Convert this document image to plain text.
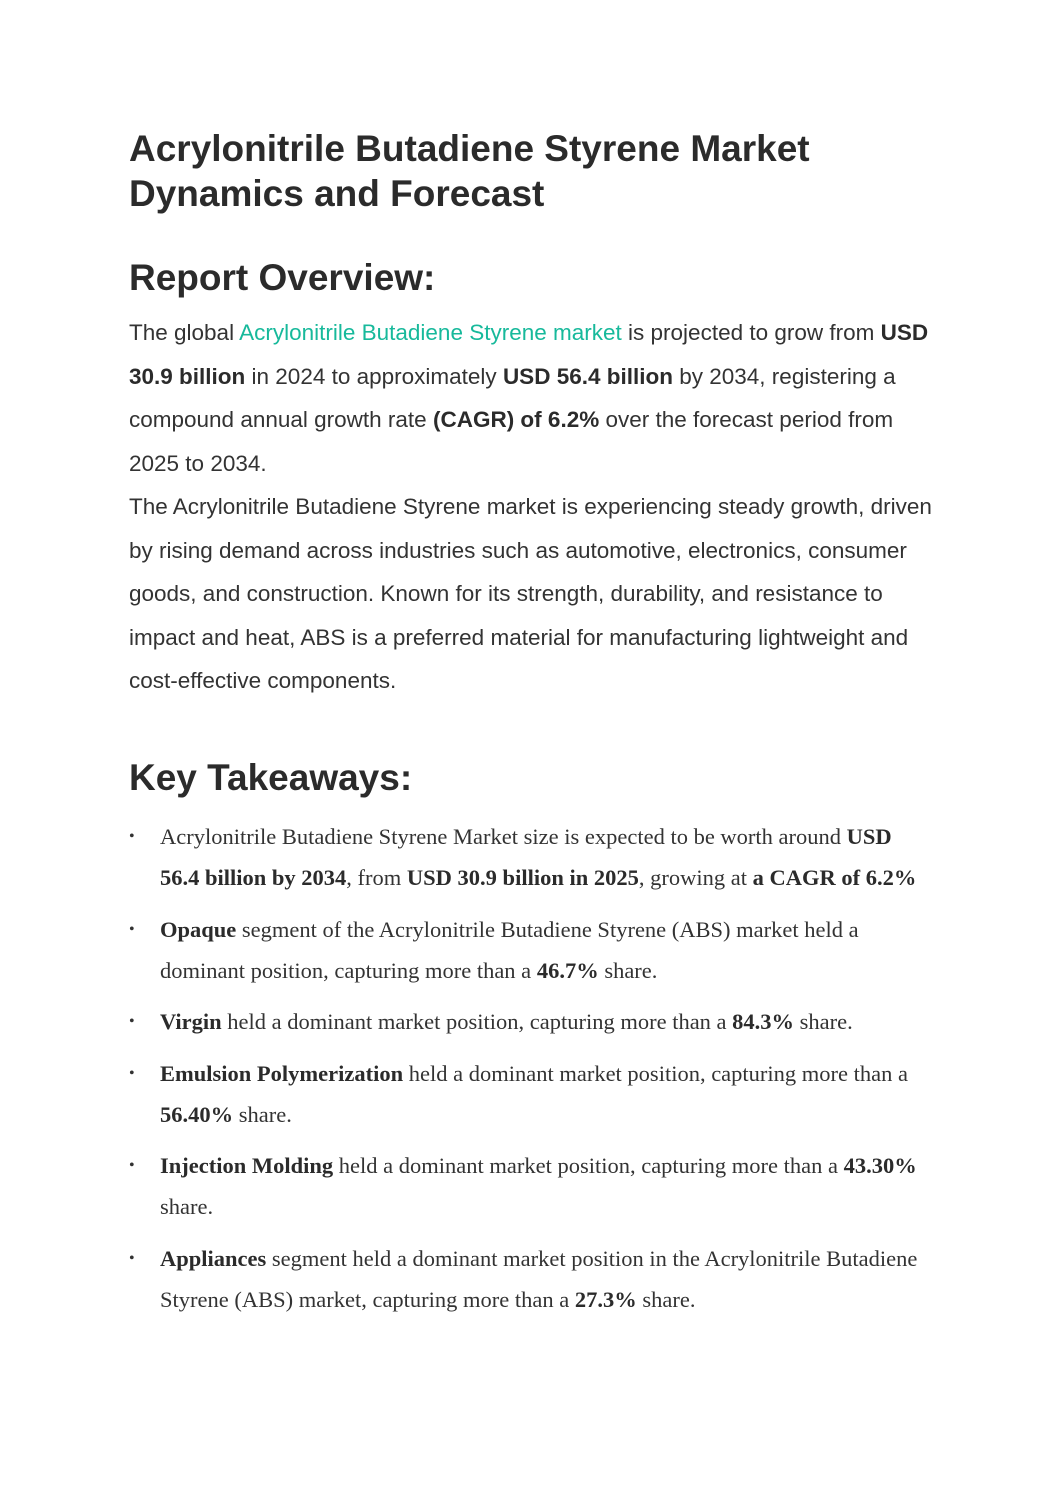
Acrylonitrile Butadiene Styrene Market Dynamics and Forecast
Report Overview:

The global Acrylonitrile Butadiene Styrene market is projected to grow from USD 30.9 billion in 2024 to approximately USD 56.4 billion by 2034, registering a compound annual growth rate (CAGR) of 6.2% over the forecast period from 2025 to 2034.

The Acrylonitrile Butadiene Styrene market is experiencing steady growth, driven by rising demand across industries such as automotive, electronics, consumer goods, and construction. Known for its strength, durability, and resistance to impact and heat, ABS is a preferred material for manufacturing lightweight and cost-effective components.

Key Takeaways:
• Acrylonitrile Butadiene Styrene Market size is expected to be worth around USD 56.4 billion by 2034, from USD 30.9 billion in 2025, growing at a CAGR of 6.2%
• Opaque segment of the Acrylonitrile Butadiene Styrene (ABS) market held a dominant position, capturing more than a 46.7% share.
• Virgin held a dominant market position, capturing more than a 84.3% share.
• Emulsion Polymerization held a dominant market position, capturing more than a 56.40% share.
• Injection Molding held a dominant market position, capturing more than a 43.30% share.
• Appliances segment held a dominant market position in the Acrylonitrile Butadiene Styrene (ABS) market, capturing more than a 27.3% share.
